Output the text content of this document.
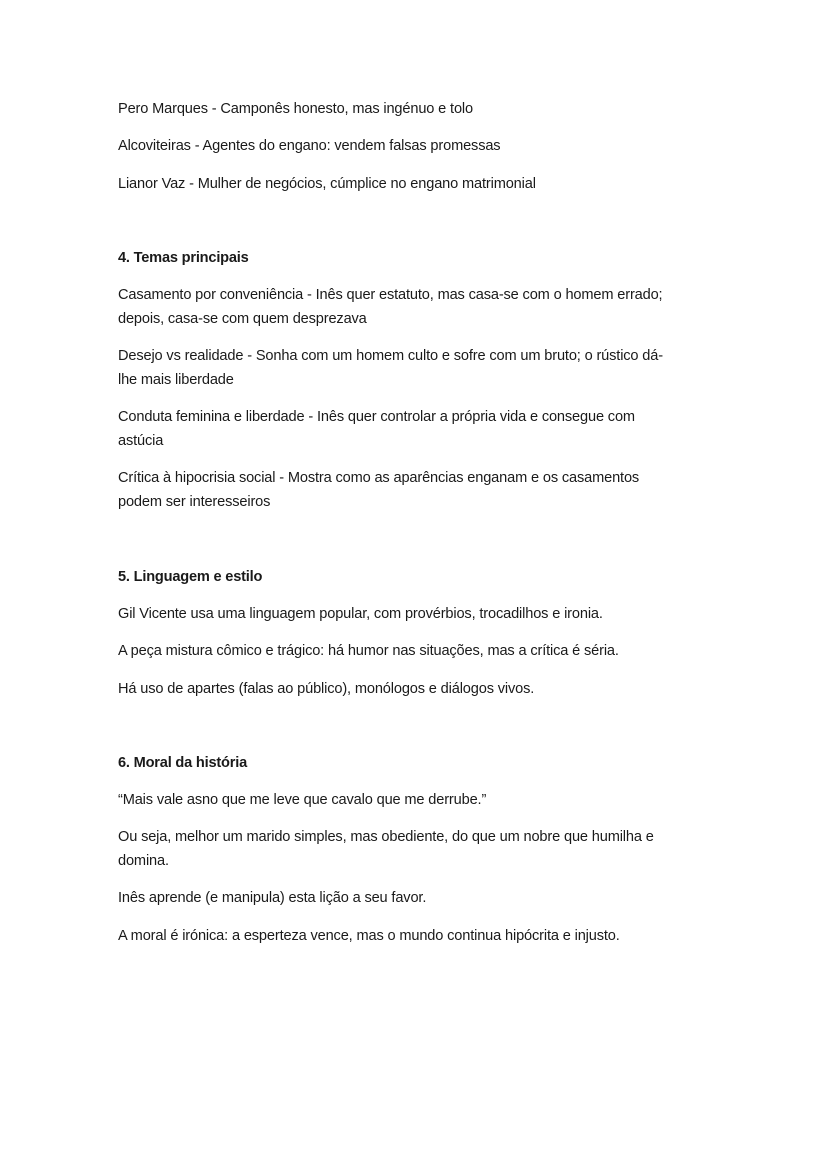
Pero Marques - Camponês honesto, mas ingénuo e tolo
Alcoviteiras - Agentes do engano: vendem falsas promessas
Lianor Vaz - Mulher de negócios, cúmplice no engano matrimonial
4. Temas principais
Casamento por conveniência - Inês quer estatuto, mas casa-se com o homem errado;
depois, casa-se com quem desprezava
Desejo vs realidade - Sonha com um homem culto e sofre com um bruto; o rústico dá-
lhe mais liberdade
Conduta feminina e liberdade - Inês quer controlar a própria vida e consegue com
astúcia
Crítica à hipocrisia social - Mostra como as aparências enganam e os casamentos
podem ser interesseiros
5. Linguagem e estilo
Gil Vicente usa uma linguagem popular, com provérbios, trocadilhos e ironia.
A peça mistura cômico e trágico: há humor nas situações, mas a crítica é séria.
Há uso de apartes (falas ao público), monólogos e diálogos vivos.
6. Moral da história
“Mais vale asno que me leve que cavalo que me derrube.”
Ou seja, melhor um marido simples, mas obediente, do que um nobre que humilha e
domina.
Inês aprende (e manipula) esta lição a seu favor.
A moral é irónica: a esperteza vence, mas o mundo continua hipócrita e injusto.
